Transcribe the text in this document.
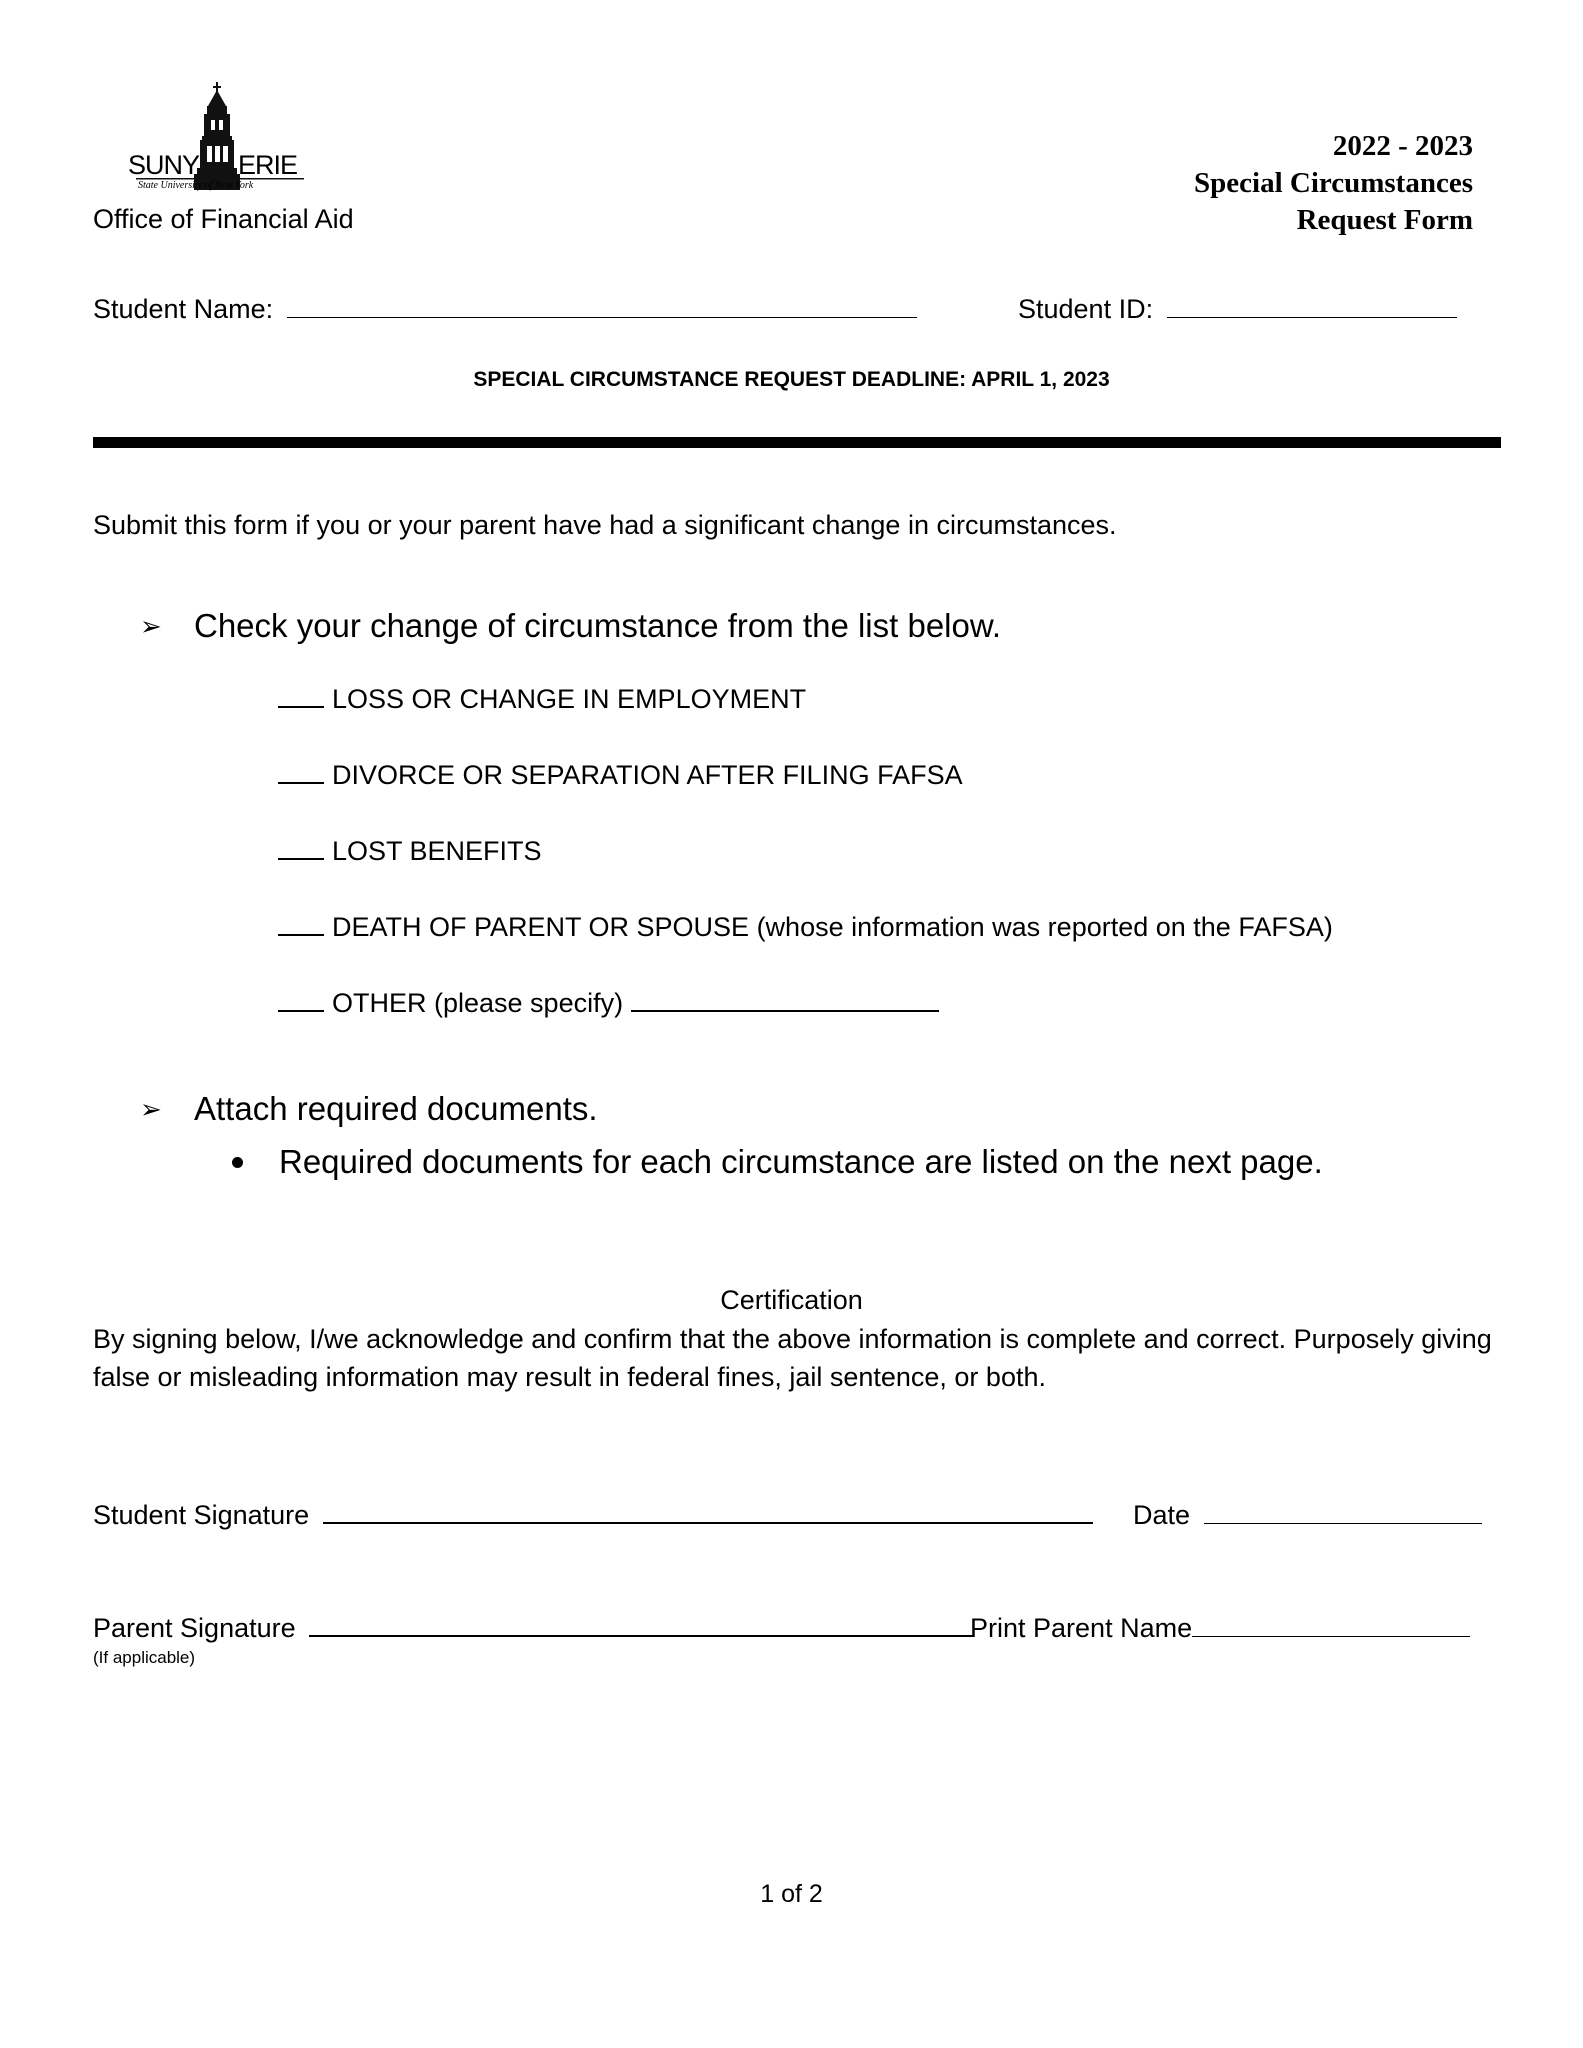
SUNY ERIE
State University of New York
Office of Financial Aid
2022 - 2023
Special Circumstances
Request Form
Student Name:	Student ID:
SPECIAL CIRCUMSTANCE REQUEST DEADLINE: APRIL 1, 2023
Submit this form if you or your parent have had a significant change in circumstances.
➢ Check your change of circumstance from the list below.
LOSS OR CHANGE IN EMPLOYMENT
DIVORCE OR SEPARATION AFTER FILING FAFSA
LOST BENEFITS
DEATH OF PARENT OR SPOUSE (whose information was reported on the FAFSA)
OTHER (please specify)
➢ Attach required documents.
Required documents for each circumstance are listed on the next page.
Certification
By signing below, I/we acknowledge and confirm that the above information is complete and correct. Purposely giving false or misleading information may result in federal fines, jail sentence, or both.
Student Signature	Date
Parent Signature
(If applicable)
Print Parent Name
1 of 2
